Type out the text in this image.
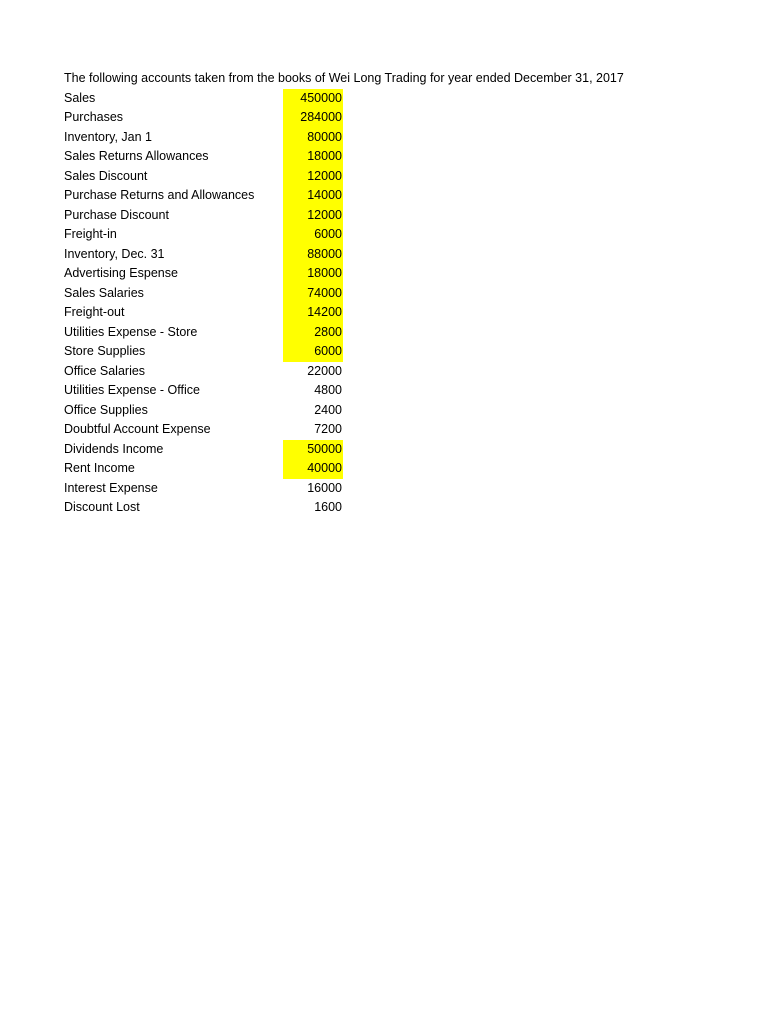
The following accounts taken from the books of Wei Long Trading for year ended December 31, 2017
Sales	450000
Purchases	284000
Inventory, Jan 1	80000
Sales Returns Allowances	18000
Sales Discount	12000
Purchase Returns and Allowances	14000
Purchase Discount	12000
Freight-in	6000
Inventory, Dec. 31	88000
Advertising Espense	18000
Sales Salaries	74000
Freight-out	14200
Utilities Expense - Store	2800
Store Supplies	6000
Office Salaries	22000
Utilities Expense - Office	4800
Office Supplies	2400
Doubtful Account Expense	7200
Dividends Income	50000
Rent Income	40000
Interest Expense	16000
Discount Lost	1600
